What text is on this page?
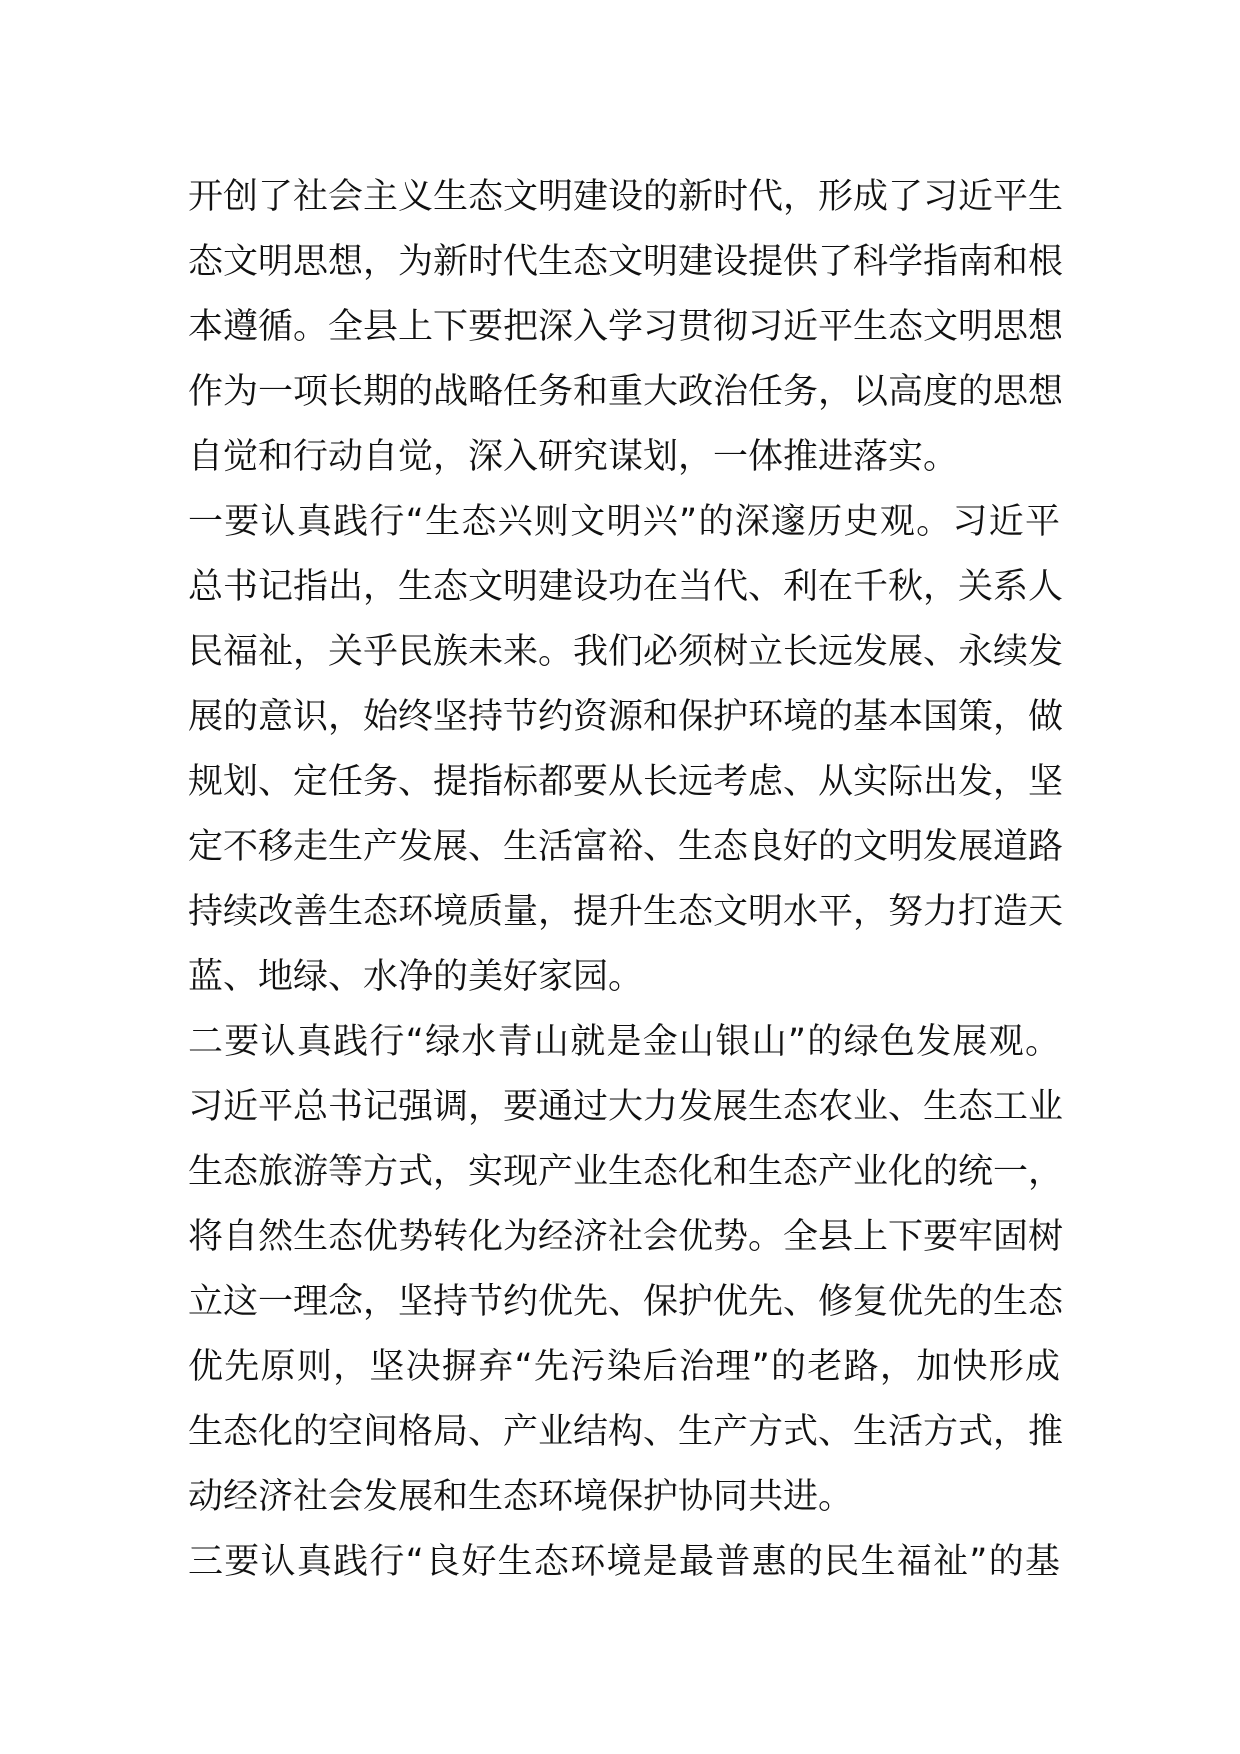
开创了社会主义生态文明建设的新时代，形成了习近平生
态文明思想，为新时代生态文明建设提供了科学指南和根
本遵循。全县上下要把深入学习贯彻习近平生态文明思想
作为一项长期的战略任务和重大政治任务，以高度的思想
自觉和行动自觉，深入研究谋划，一体推进落实。
一要认真践行“生态兴则文明兴”的深邃历史观。习近平
总书记指出，生态文明建设功在当代、利在千秋，关系人
民福祉，关乎民族未来。我们必须树立长远发展、永续发
展的意识，始终坚持节约资源和保护环境的基本国策，做
规划、定任务、提指标都要从长远考虑、从实际出发，坚
定不移走生产发展、生活富裕、生态良好的文明发展道路
持续改善生态环境质量，提升生态文明水平，努力打造天
蓝、地绿、水净的美好家园。
二要认真践行“绿水青山就是金山银山”的绿色发展观。
习近平总书记强调，要通过大力发展生态农业、生态工业
生态旅游等方式，实现产业生态化和生态产业化的统一，
将自然生态优势转化为经济社会优势。全县上下要牢固树
立这一理念，坚持节约优先、保护优先、修复优先的生态
优先原则，坚决摒弃“先污染后治理”的老路，加快形成
生态化的空间格局、产业结构、生产方式、生活方式，推
动经济社会发展和生态环境保护协同共进。
三要认真践行“良好生态环境是最普惠的民生福祉”的基
